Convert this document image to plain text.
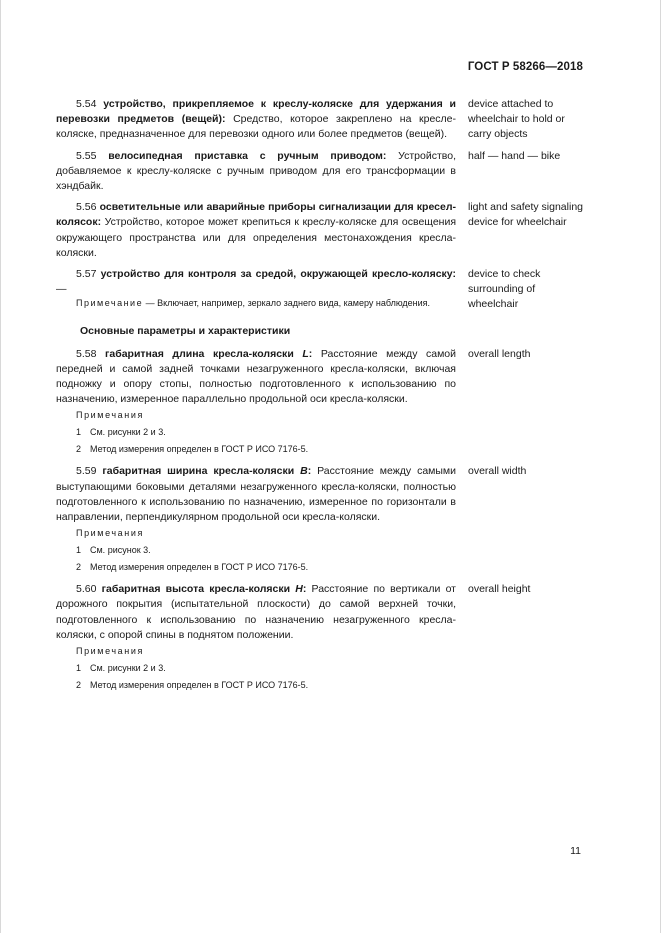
ГОСТ Р 58266—2018

5.54 устройство, прикрепляемое к креслу-коляске для удержания и перевозки предметов (вещей): Средство, которое закреплено на кресле-коляске, предназначенное для перевозки одного или более предметов (вещей).

device attached to wheelchair to hold or carry objects

5.55 велосипедная приставка с ручным приводом: Устройство, добавляемое к креслу-коляске с ручным приводом для его трансформации в хэндбайк.

half — hand — bike

5.56 осветительные или аварийные приборы сигнализации для кресел-колясок: Устройство, которое может крепиться к креслу-коляске для освещения окружающего пространства или для определения местонахождения кресла-коляски.

light and safety signaling device for wheelchair

5.57 устройство для контроля за средой, окружающей кресло-коляску: —

Примечание — Включает, например, зеркало заднего вида, камеру наблюдения.

device to check surrounding of wheelchair
Основные параметры и характеристики

5.58 габаритная длина кресла-коляски L: Расстояние между самой передней и самой задней точками незагруженного кресла-коляски, включая подножку и опору стопы, полностью подготовленного к использованию по назначению, измеренное параллельно продольной оси кресла-коляски.

Примечания
1 См. рисунки 2 и 3.
2 Метод измерения определен в ГОСТ Р ИСО 7176-5.
overall length

5.59 габаритная ширина кресла-коляски B: Расстояние между самыми выступающими боковыми деталями незагруженного кресла-коляски, полностью подготовленного к использованию по назначению, измеренное по горизонтали в направлении, перпендикулярном продольной оси кресла-коляски.

Примечания
1 См. рисунок 3.
2 Метод измерения определен в ГОСТ Р ИСО 7176-5.
overall width

5.60 габаритная высота кресла-коляски H: Расстояние по вертикали от дорожного покрытия (испытательной плоскости) до самой верхней точки, подготовленного к использованию по назначению незагруженного кресла-коляски, с опорой спины в поднятом положении.

Примечания
1 См. рисунки 2 и 3.
2 Метод измерения определен в ГОСТ Р ИСО 7176-5.
overall height
11
